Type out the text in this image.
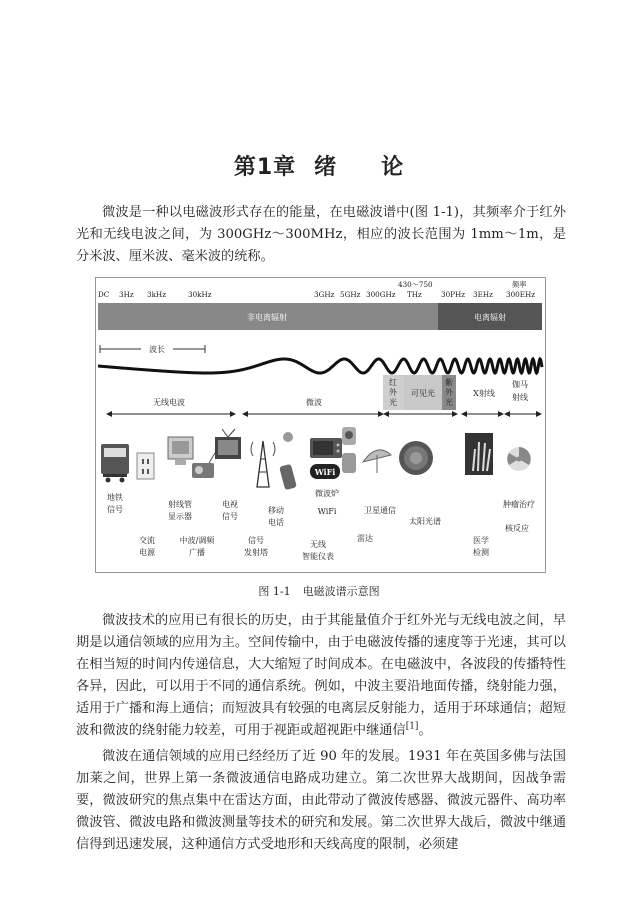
第1章 绪 论
微波是一种以电磁波形式存在的能量，在电磁波谱中(图 1-1)，其频率介于红外光和无线电波之间，为 300GHz～300MHz，相应的波长范围为 1mm～1m，是分米波、厘米波、毫米波的统称。
DC 3Hz 3kHz	30kHz	3GHz 5GHz 300GHz
430～750
THz	30PHz 3EHz
频率
300EHz
非电离辐射	电离辐射
波长
红
外
光
可见光
紫
外
光
X射线
伽马
射线
无线电波	微波
WiFi
地铁
信号
交流
电源
射线管
显示器
中波/调频
广播
电视
信号
信号
发射塔
移动
电话
无线
智能仪表
微波炉
WiFi	卫星通信
雷达
太阳光谱
医学
检测
肿瘤治疗
核反应
图 1-1 电磁波谱示意图
微波技术的应用已有很长的历史，由于其能量值介于红外光与无线电波之间，早期是以通信领域的应用为主。空间传输中，由于电磁波传播的速度等于光速，其可以在相当短的时间内传递信息，大大缩短了时间成本。在电磁波中，各波段的传播特性各异，因此，可以用于不同的通信系统。例如，中波主要沿地面传播，绕射能力强，适用于广播和海上通信；而短波具有较强的电离层反射能力，适用于环球通信；超短波和微波的绕射能力较差，可用于视距或超视距中继通信[1]。
微波在通信领域的应用已经经历了近 90 年的发展。1931 年在英国多佛与法国加莱之间，世界上第一条微波通信电路成功建立。第二次世界大战期间，因战争需要，微波研究的焦点集中在雷达方面，由此带动了微波传感器、微波元器件、高功率微波管、微波电路和微波测量等技术的研究和发展。第二次世界大战后，微波中继通信得到迅速发展，这种通信方式受地形和天线高度的限制，必须建
